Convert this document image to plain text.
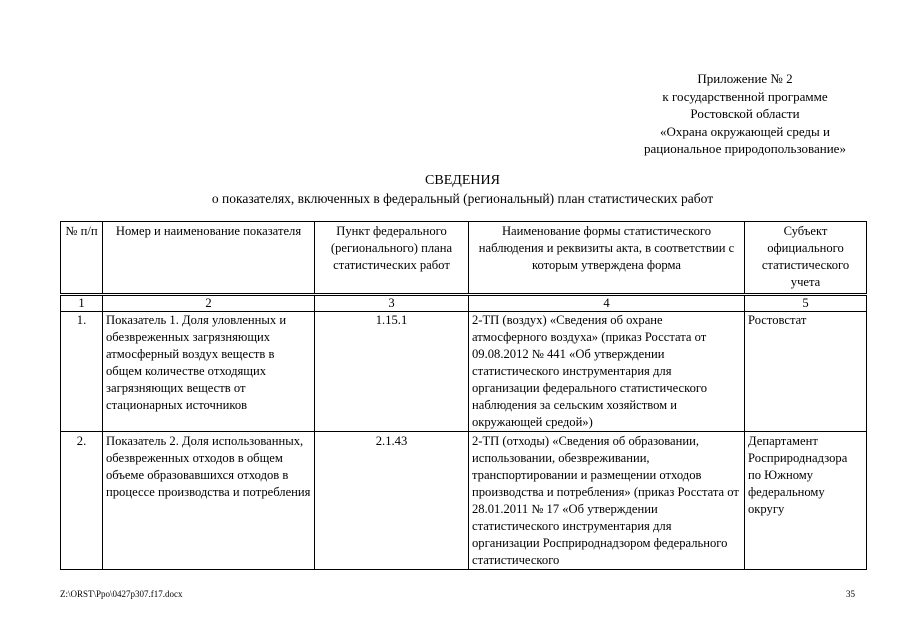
Приложение № 2
к государственной программе
Ростовской области
«Охрана окружающей среды и
рациональное природопользование»
СВЕДЕНИЯ
о показателях, включенных в федеральный (региональный) план статистических работ
№ п/п	Номер и наименование показателя	Пункт федерального (регионального) плана статистических работ	Наименование формы статистического наблюдения и реквизиты акта, в соответствии с которым утверждена форма	Субъект официального статистического учета
1	2	3	4	5
1.	Показатель 1. Доля уловленных и обезвреженных загрязняющих атмосферный воздух веществ в общем количестве отходящих загрязняющих веществ от стационарных источников	1.15.1	2-ТП (воздух) «Сведения об охране атмосферного воздуха» (приказ Росстата от 09.08.2012 № 441 «Об утверждении статистического инструментария для организации федерального статистического наблюдения за сельским хозяйством и окружающей средой»)	Ростовстат
2.	Показатель 2. Доля использованных, обезвреженных отходов в общем объеме образовавшихся отходов в процессе производства и потребления	2.1.43	2-ТП (отходы) «Сведения об образовании, использовании, обезвреживании, транспортировании и размещении отходов производства и потребления» (приказ Росстата от 28.01.2011 № 17 «Об утверждении статистического инструментария для организации Росприроднадзором федерального статистического	Департамент Росприроднадзора по Южному федеральному округу
Z:\ORST\Ppo\0427p307.f17.docx	35
